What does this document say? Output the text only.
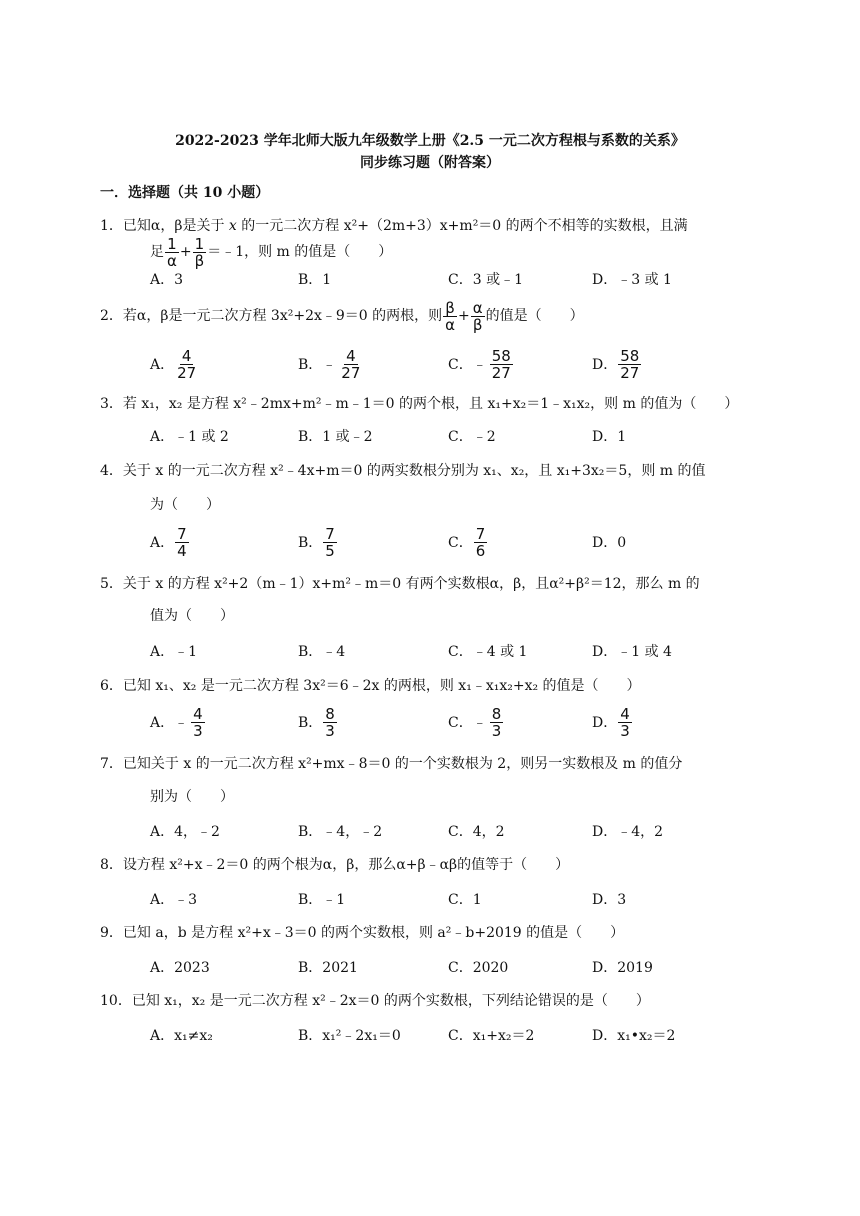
2022-2023 学年北师大版九年级数学上册《2.5 一元二次方程根与系数的关系》
同步练习题（附答案）
一．选择题（共 10 小题）
1．已知α，β是关于 x 的一元二次方程 x²+（2m+3）x+m²＝0 的两个不相等的实数根，且满
足 $\frac{1}{\alpha} + \frac{1}{\beta}$ ＝﹣1，则 m 的值是（　　）
A．3	B．1	C．3 或﹣1	D．﹣3 或 1
2． 若α，β是一元二次方程 3x²+2x﹣9＝0 的两根，则 $\frac{\beta}{\alpha} + \frac{\alpha}{\beta}$ 的值是（　　）
A． $\frac{4}{27}$	B． ﹣ $\frac{4}{27}$	C． ﹣ $\frac{58}{27}$	D． $\frac{58}{27}$
3．若 x₁，x₂ 是方程 x²﹣2mx+m²﹣m﹣1＝0 的两个根，且 x₁+x₂＝1﹣x₁x₂，则 m 的值为（　　）
A．﹣1 或 2	B．1 或﹣2	C．﹣2	D．1
4．关于 x 的一元二次方程 x²﹣4x+m＝0 的两实数根分别为 x₁、x₂，且 x₁+3x₂＝5，则 m 的值
为（　　）
A． $\frac{7}{4}$	B． $\frac{7}{5}$	C． $\frac{7}{6}$	D．0
5．关于 x 的方程 x²+2（m﹣1）x+m²﹣m＝0 有两个实数根α，β，且α²+β²＝12，那么 m 的
值为（　　）
A．﹣1	B．﹣4	C．﹣4 或 1	D．﹣1 或 4
6．已知 x₁、x₂ 是一元二次方程 3x²＝6﹣2x 的两根，则 x₁﹣x₁x₂+x₂ 的值是（　　）
A． ﹣ $\frac{4}{3}$	B． $\frac{8}{3}$	C． ﹣ $\frac{8}{3}$	D． $\frac{4}{3}$
7．已知关于 x 的一元二次方程 x²+mx﹣8＝0 的一个实数根为 2，则另一实数根及 m 的值分
别为（　　）
A．4，﹣2	B．﹣4，﹣2	C．4，2	D．﹣4，2
8．设方程 x²+x﹣2＝0 的两个根为α，β，那么α+β﹣αβ的值等于（　　）
A．﹣3	B．﹣1	C．1	D．3
9．已知 a，b 是方程 x²+x﹣3＝0 的两个实数根，则 a²﹣b+2019 的值是（　　）
A．2023	B．2021	C．2020	D．2019
10．已知 x₁，x₂ 是一元二次方程 x²﹣2x＝0 的两个实数根，下列结论错误的是（　　）
A．x₁≠x₂	B．x₁²﹣2x₁＝0	C．x₁+x₂＝2	D．x₁•x₂＝2
